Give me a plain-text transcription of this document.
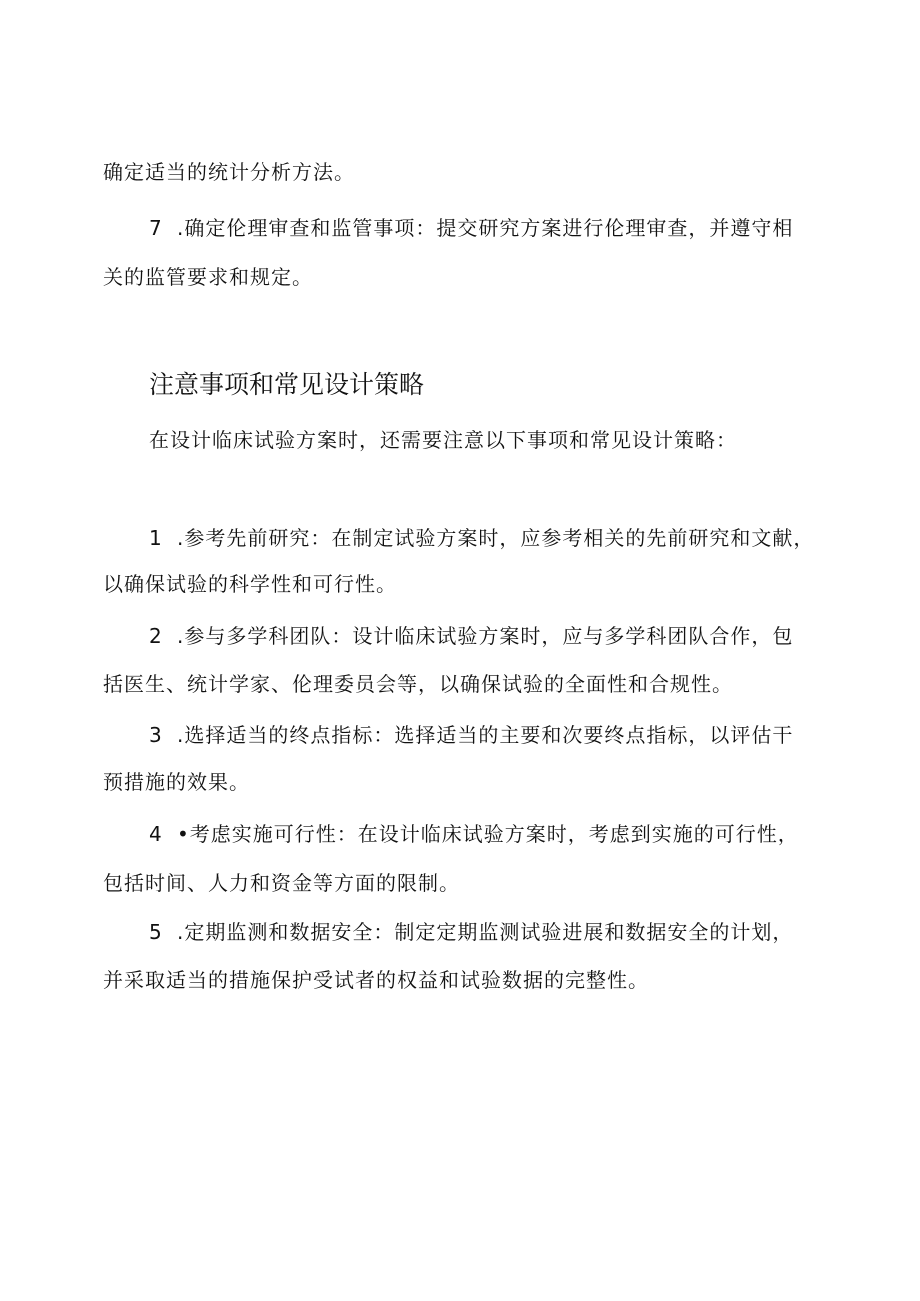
确定适当的统计分析方法。
7 .确定伦理审查和监管事项：提交研究方案进行伦理审查，并遵守相
关的监管要求和规定。
注意事项和常见设计策略
在设计临床试验方案时，还需要注意以下事项和常见设计策略：
1 .参考先前研究：在制定试验方案时，应参考相关的先前研究和文献，
以确保试验的科学性和可行性。
2 .参与多学科团队：设计临床试验方案时，应与多学科团队合作，包
括医生、统计学家、伦理委员会等，以确保试验的全面性和合规性。
3 .选择适当的终点指标：选择适当的主要和次要终点指标，以评估干
预措施的效果。
4 •考虑实施可行性：在设计临床试验方案时，考虑到实施的可行性，
包括时间、人力和资金等方面的限制。
5 .定期监测和数据安全：制定定期监测试验进展和数据安全的计划，
并采取适当的措施保护受试者的权益和试验数据的完整性。
